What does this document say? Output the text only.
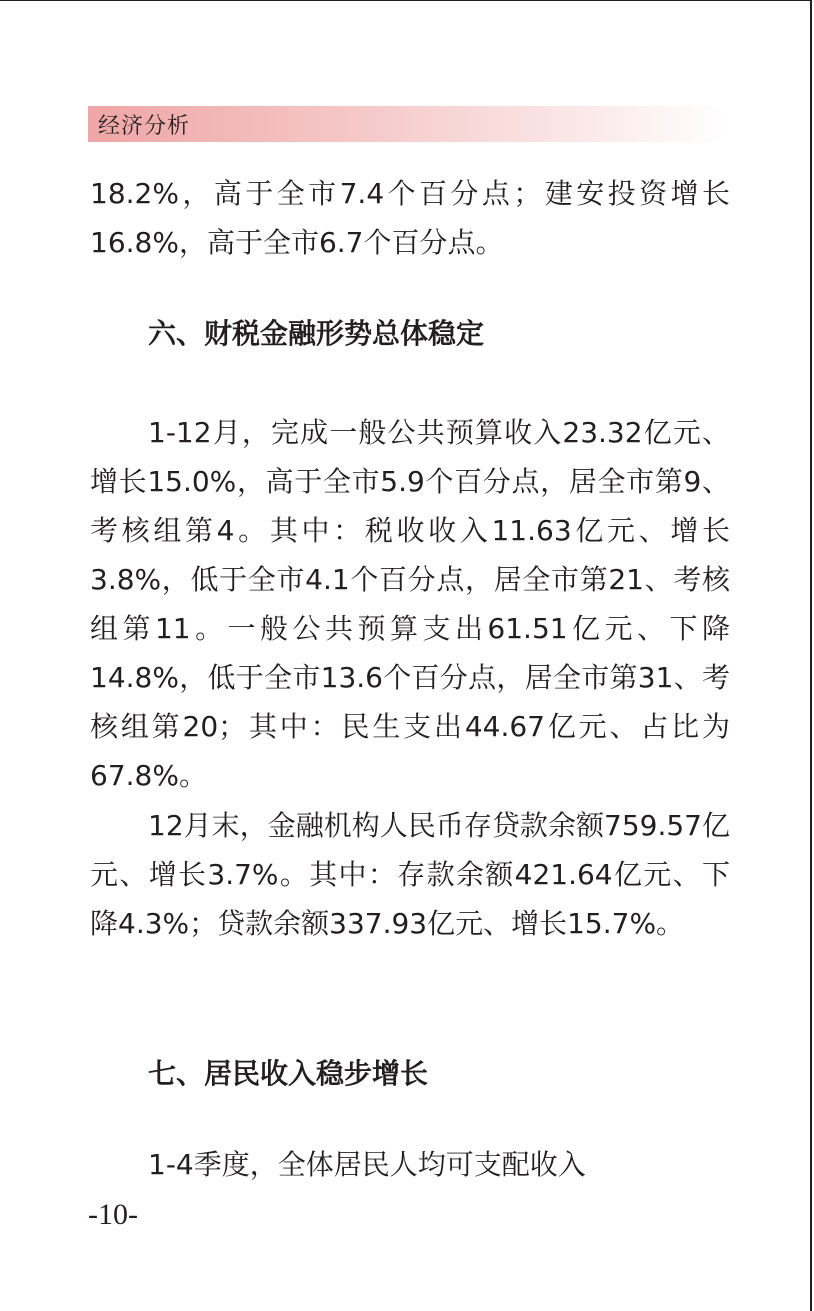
经济分析

18.2%，高于全市7.4个百分点；建安投资增长16.8%，高于全市6.7个百分点。

六、财税金融形势总体稳定

1-12月，完成一般公共预算收入23.32亿元、增长15.0%，高于全市5.9个百分点，居全市第9、考核组第4。其中：税收收入11.63亿元、增长3.8%，低于全市4.1个百分点，居全市第21、考核组第11。一般公共预算支出61.51亿元、下降14.8%，低于全市13.6个百分点，居全市第31、考核组第20；其中：民生支出44.67亿元、占比为67.8%。

12月末，金融机构人民币存贷款余额759.57亿元、增长3.7%。其中：存款余额421.64亿元、下降4.3%；贷款余额337.93亿元、增长15.7%。

七、居民收入稳步增长

1-4季度，全体居民人均可支配收入

-10-
